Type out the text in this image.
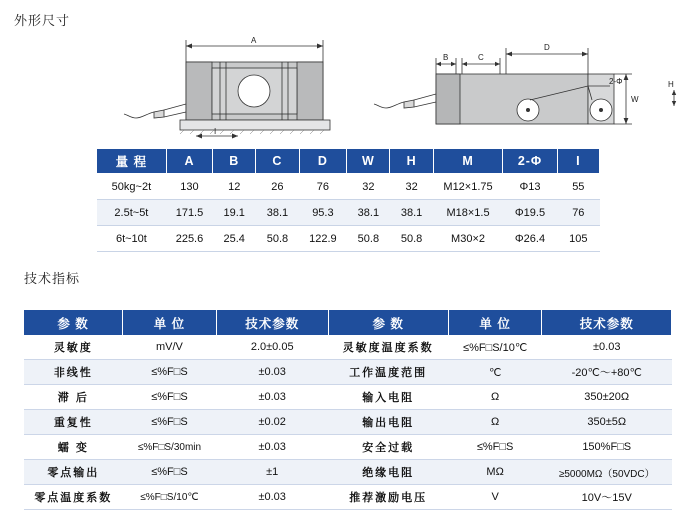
外形尺寸
技术指标
A
I
B	C
D
2-Φ	H
W
量 程	A	B	C	D	W	H	M	2-Φ	I
50kg~2t	130	12	26	76	32	32	M12×1.75	Φ13	55
2.5t~5t	171.5	19.1	38.1	95.3	38.1	38.1	M18×1.5	Φ19.5	76
6t~10t	225.6	25.4	50.8	122.9	50.8	50.8	M30×2	Φ26.4	105
参 数	单 位	技术参数	参 数	单 位	技术参数
灵敏度	mV/V	2.0±0.05	灵敏度温度系数	≤%F□S/10℃	±0.03
非线性	≤%F□S	±0.03	工作温度范围	℃	-20℃～+80℃
滞 后	≤%F□S	±0.03	输入电阻	Ω	350±20Ω
重复性	≤%F□S	±0.02	输出电阻	Ω	350±5Ω
蠕 变	≤%F□S/30min	±0.03	安全过载	≤%F□S	150%F□S
零点输出	≤%F□S	±1	绝缘电阻	MΩ	≥5000MΩ（50VDC）
零点温度系数	≤%F□S/10℃	±0.03	推荐激励电压	V	10V～15V
